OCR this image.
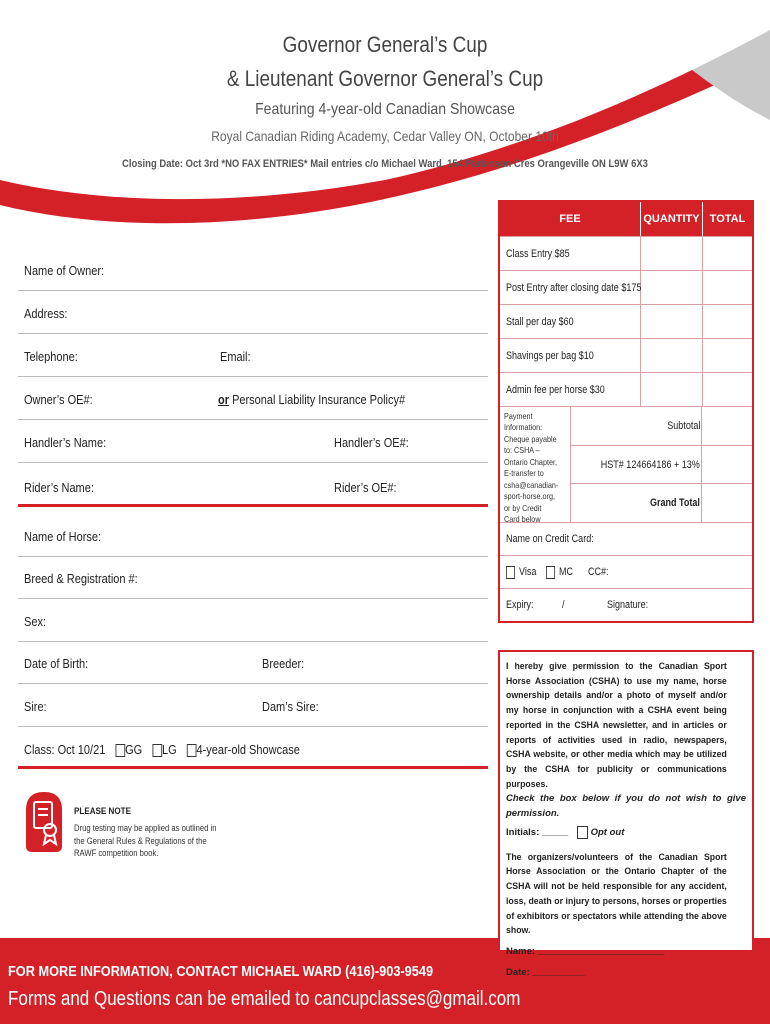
Governor General’s Cup
& Lieutenant Governor General’s Cup
Featuring 4-year-old Canadian Showcase
Royal Canadian Riding Academy, Cedar Valley ON, October 10th
Closing Date: Oct 3rd *NO FAX ENTRIES* Mail entries c/o Michael Ward, 154 Parkinson Cres Orangeville ON L9W 6X3
Name of Owner:
Address:
Telephone:	Email:
Owner’s OE#:	or Personal Liability Insurance Policy#
Handler’s Name:	Handler’s OE#:
Rider’s Name:	Rider’s OE#:
Name of Horse:
Breed & Registration #:
Sex:
Date of Birth:	Breeder:
Sire:	Dam’s Sire:
Class: Oct 10/21 GG LG 4-year-old Showcase
PLEASE NOTE
Drug testing may be applied as outlined in the General Rules & Regulations of the RAWF competition book.
FEE	QUANTITY TOTAL
Class Entry $85
Post Entry after closing date $175
Stall per day $60
Shavings per bag $10
Admin fee per horse $30
Payment Information: Cheque payable to: CSHA – Ontario Chapter, E-transfer to csha@canadian-sport-horse.org, or by Credit Card below
Subtotal
HST# 124664186 + 13%
Grand Total
Name on Credit Card:
Visa MC CC#:
Expiry:	/	Signature:
I hereby give permission to the Canadian Sport Horse Association (CSHA) to use my name, horse ownership details and/or a photo of myself and/or my horse in conjunction with a CSHA event being reported in the CSHA newsletter, and in articles or reports of activities used in radio, newspapers, CSHA website, or other media which may be utilized by the CSHA for publicity or communications purposes.
Check the box below if you do not wish to give permission.
Initials: _____ Opt out
The organizers/volunteers of the Canadian Sport Horse Association or the Ontario Chapter of the CSHA will not be held responsible for any accident, loss, death or injury to persons, horses or properties of exhibitors or spectators while attending the above show.
Name: ________________________
Date: __________
FOR MORE INFORMATION, CONTACT MICHAEL WARD (416)-903-9549
Forms and Questions can be emailed to cancupclasses@gmail.com
